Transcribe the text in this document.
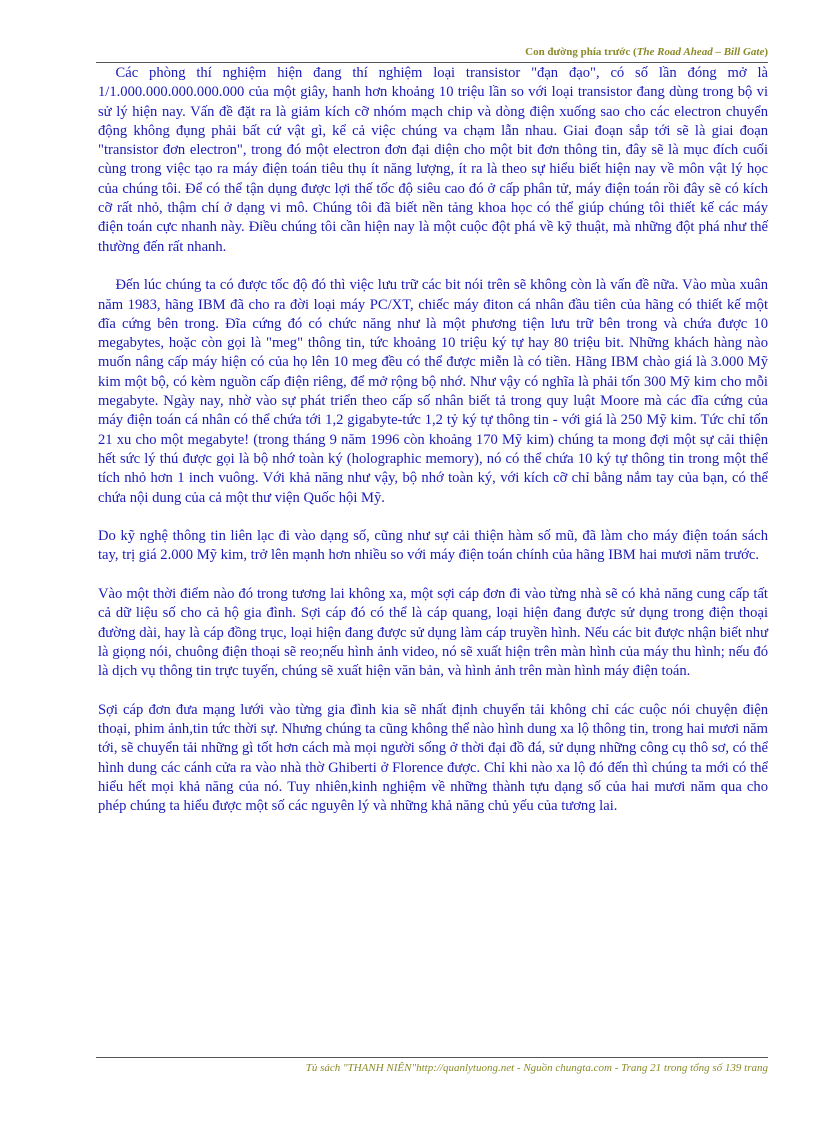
Con đường phía trước (The Road Ahead – Bill Gate)

Các phòng thí nghiệm hiện đang thí nghiệm loại transistor "đạn đạo", có số lần đóng mở là 1/1.000.000.000.000.000 của một giây, hanh hơn khoảng 10 triệu lần so với loại transistor đang dùng trong bộ vi sử lý hiện nay. Vấn đề đặt ra là giảm kích cỡ nhóm mạch chip và dòng điện xuống sao cho các electron chuyển động không đụng phải bất cứ vật gì, kể cả việc chúng va chạm lẫn nhau. Giai đoạn sắp tới sẽ là giai đoạn "transistor đơn electron", trong đó một electron đơn đại diện cho một bit đơn thông tin, đây sẽ là mục đích cuối cùng trong việc tạo ra máy điện toán tiêu thụ ít năng lượng, ít ra là theo sự hiểu biết hiện nay về môn vật lý học của chúng tôi. Để có thể tận dụng được lợi thế tốc độ siêu cao đó ở cấp phân tử, máy điện toán rồi đây sẽ có kích cỡ rất nhỏ, thậm chí ở dạng vi mô. Chúng tôi đã biết nền tảng khoa học có thể giúp chúng tôi thiết kế các máy điện toán cực nhanh này. Điều chúng tôi cần hiện nay là một cuộc đột phá về kỹ thuật, mà những đột phá như thế thường đến rất nhanh.

Đến lúc chúng ta có được tốc độ đó thì việc lưu trữ các bit nói trên sẽ không còn là vấn đề nữa. Vào mùa xuân năm 1983, hãng IBM đã cho ra đời loại máy PC/XT, chiếc máy điton cá nhân đầu tiên của hãng có thiết kế một đĩa cứng bên trong. Đĩa cứng đó có chức năng như là một phương tiện lưu trữ bên trong và chứa được 10 megabytes, hoặc còn gọi là "meg" thông tin, tức khoảng 10 triệu ký tự hay 80 triệu bit. Những khách hàng nào muốn nâng cấp máy hiện có của họ lên 10 meg đều có thể được miễn là có tiền. Hãng IBM chào giá là 3.000 Mỹ kim một bộ, có kèm nguồn cấp điện riêng, để mở rộng bộ nhớ. Như vậy có nghĩa là phải tốn 300 Mỹ kim cho mỗi megabyte. Ngày nay, nhờ vào sự phát triển theo cấp số nhân biết tả trong quy luật Moore mà các đĩa cứng của máy điện toán cá nhân có thể chứa tới 1,2 gigabyte-tức 1,2 tỷ ký tự thông tin - với giá là 250 Mỹ kim. Tức chỉ tốn 21 xu cho một megabyte! (trong tháng 9 năm 1996 còn khoảng 170 Mỹ kim) chúng ta mong đợi một sự cải thiện hết sức lý thú được gọi là bộ nhớ toàn ký (holographic memory), nó có thể chứa 10 ký tự thông tin trong một thể tích nhỏ hơn 1 inch vuông. Với khả năng như vậy, bộ nhớ toàn ký, với kích cỡ chỉ bằng nắm tay của bạn, có thể chứa nội dung của cả một thư viện Quốc hội Mỹ.

Do kỹ nghệ thông tin liên lạc đi vào dạng số, cũng như sự cải thiện hàm số mũ, đã làm cho máy điện toán sách tay, trị giá 2.000 Mỹ kim, trở lên mạnh hơn nhiều so với máy điện toán chính của hãng IBM hai mươi năm trước.

Vào một thời điểm nào đó trong tương lai không xa, một sợi cáp đơn đi vào từng nhà sẽ có khả năng cung cấp tất cả dữ liệu số cho cả hộ gia đình. Sợi cáp đó có thể là cáp quang, loại hiện đang được sử dụng trong điện thoại đường dài, hay là cáp đồng trục, loại hiện đang được sử dụng làm cáp truyền hình. Nếu các bit được nhận biết như là giọng nói, chuông điện thoại sẽ reo;nếu hình ảnh video, nó sẽ xuất hiện trên màn hình của máy thu hình; nếu đó là dịch vụ thông tin trực tuyến, chúng sẽ xuất hiện văn bản, và hình ảnh trên màn hình máy điện toán.

Sợi cáp đơn đưa mạng lưới vào từng gia đình kia sẽ nhất định chuyển tải không chỉ các cuộc nói chuyện điện thoại, phim ảnh,tin tức thời sự. Nhưng chúng ta cũng không thể nào hình dung xa lộ thông tin, trong hai mươi năm tới, sẽ chuyển tải những gì tốt hơn cách mà mọi người sống ở thời đại đồ đá, sử dụng những công cụ thô sơ, có thể hình dung các cánh cửa ra vào nhà thờ Ghiberti ở Florence được. Chỉ khi nào xa lộ đó đến thì chúng ta mới có thể hiểu hết mọi khả năng của nó. Tuy nhiên,kinh nghiệm về những thành tựu dạng số của hai mươi năm qua cho phép chúng ta hiểu được một số các nguyên lý và những khả năng chủ yếu của tương lai.

Tủ sách "THANH NIÊN"http://quanlytuong.net - Nguồn chungta.com - Trang 21 trong tổng số 139 trang
